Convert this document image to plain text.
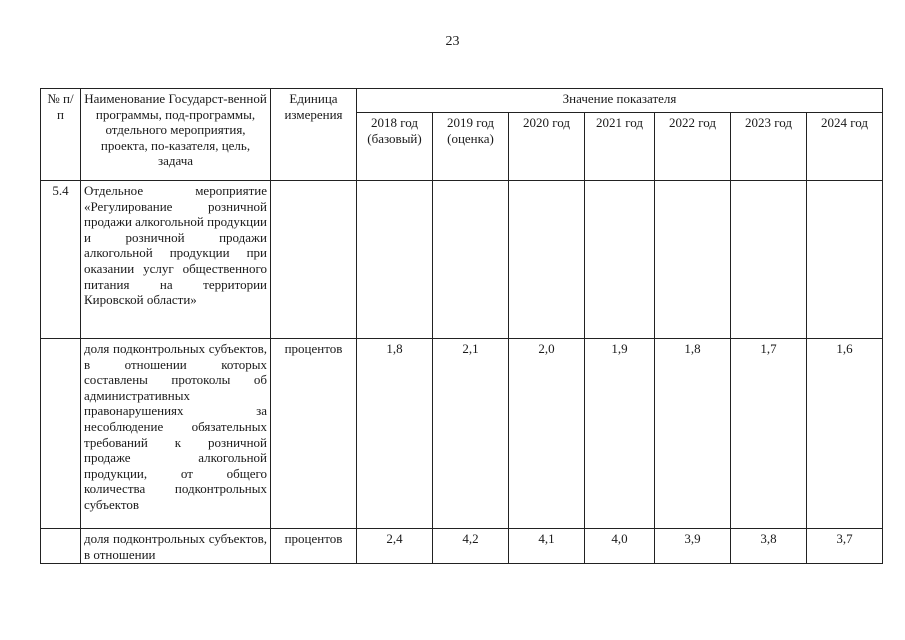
23
№ п/п	Наименование Государст-венной программы, под-программы, отдельного мероприятия, проекта, по-казателя, цель, задача	Единица измерения	Значение показателя						
			2018 год (базовый)	2019 год (оценка)	2020 год	2021 год	2022 год	2023 год	2024 год
5.4	Отдельное мероприятие «Регулирование розничной продажи алкогольной продукции и розничной продажи алкогольной продукции при оказании услуг общественного питания на территории Кировской области»								
	доля подконтрольных субъектов, в отношении которых составлены протоколы об административных правонарушениях за несоблюдение обязательных требований к розничной продаже алкогольной продукции, от общего количества подконтрольных субъектов	процентов	1,8	2,1	2,0	1,9	1,8	1,7	1,6

	доля подконтрольных субъектов, в отношении	процентов	2,4	4,2	4,1	4,0	3,9	3,8	3,7
